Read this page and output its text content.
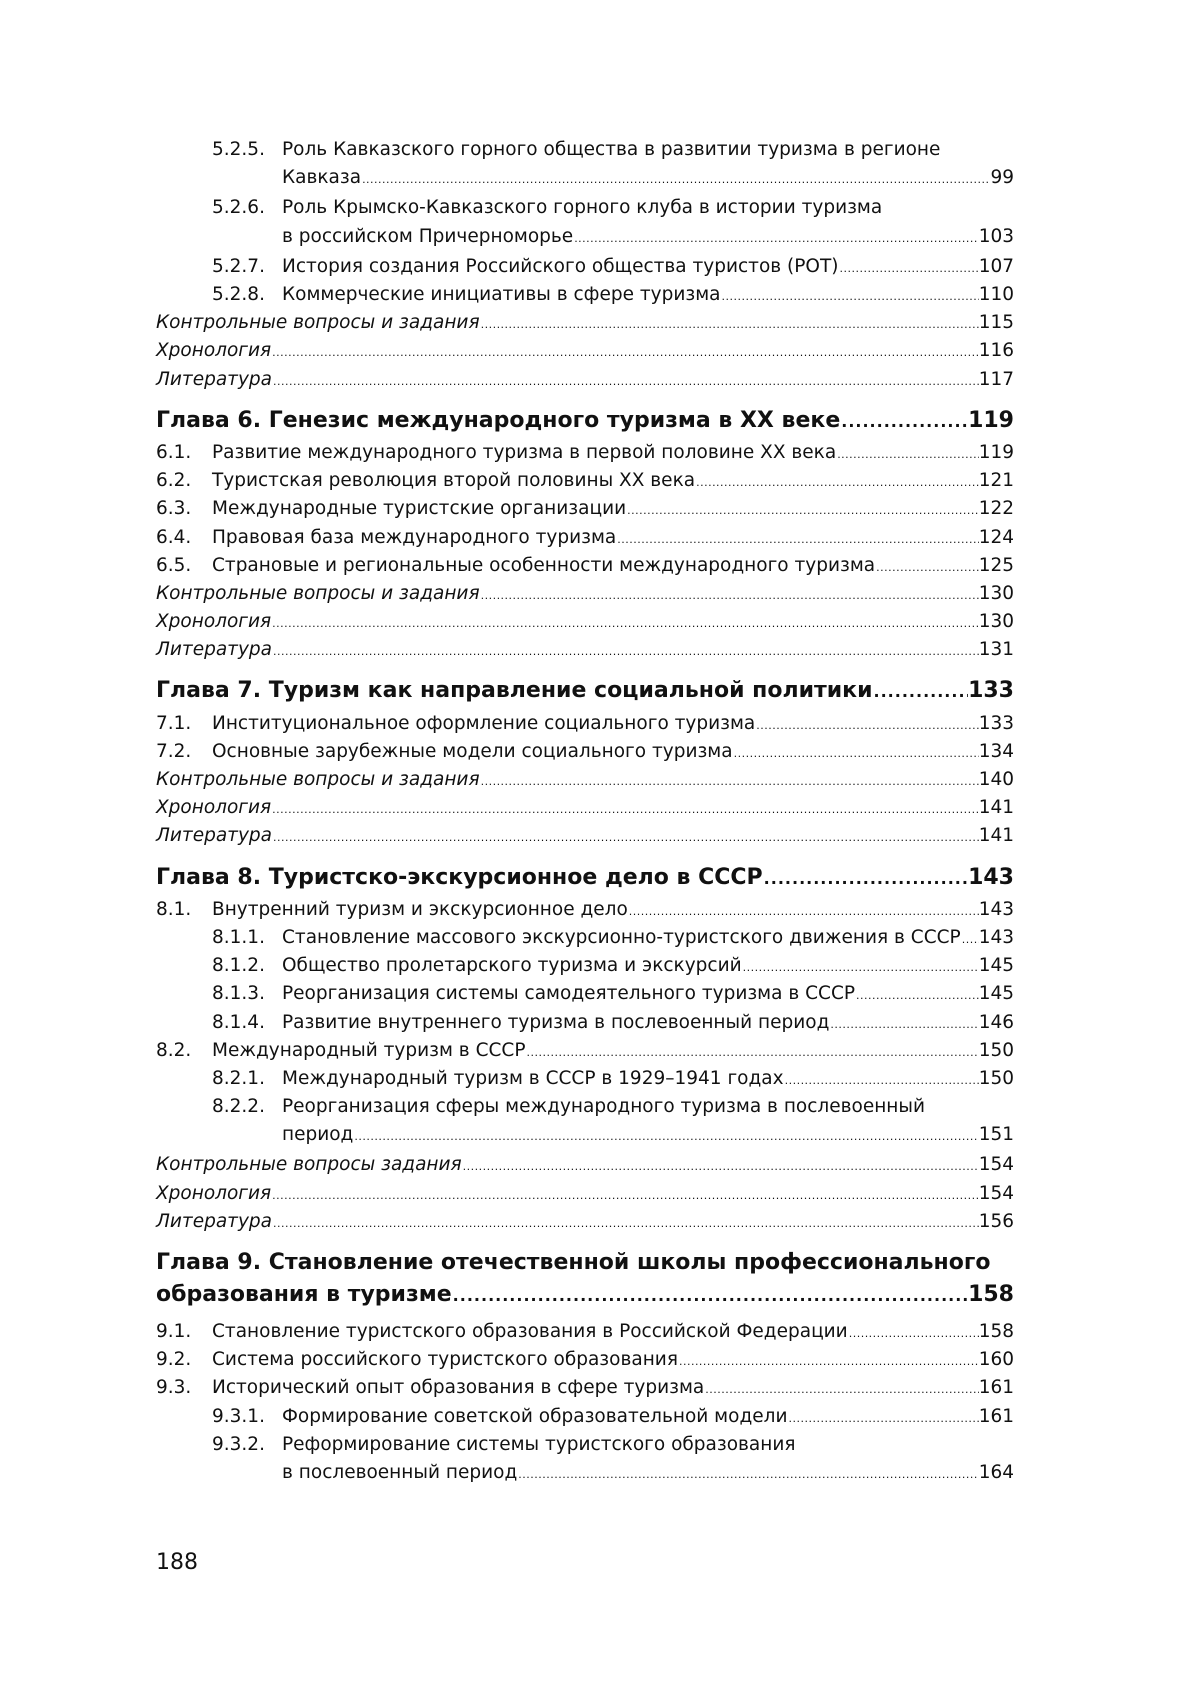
5.2.5. Роль Кавказского горного общества в развитии туризма в регионе
Кавказа .....	99
5.2.6. Роль Крымско-Кавказского горного клуба в истории туризма
в российском Причерноморье .....	103
5.2.7. История создания Российского общества туристов (РОТ) .....	107
5.2.8. Коммерческие инициативы в сфере туризма .....	110
Контрольные вопросы и задания .....	115
Хронология .....	116
Литература .....	117
Глава 6. Генезис международного туризма в XX веке .....	119
6.1.	Развитие международного туризма в первой половине XX века .....	119
6.2.	Туристская революция второй половины XX века .....	121
6.3.	Международные туристские организации .....	122
6.4.	Правовая база международного туризма .....	124
6.5.	Страновые и региональные особенности международного туризма .....	125
Контрольные вопросы и задания .....	130
Хронология .....	130
Литература .....	131
Глава 7. Туризм как направление социальной политики .....	133
7.1.	Институциональное оформление социального туризма .....	133
7.2.	Основные зарубежные модели социального туризма .....	134
Контрольные вопросы и задания .....	140
Хронология .....	141
Литература .....	141
Глава 8. Туристско-экскурсионное дело в СССР .....	143
8.1.	Внутренний туризм и экскурсионное дело .....	143
8.1.1. Становление массового экскурсионно-туристского движения в СССР ..... 143
8.1.2. Общество пролетарского туризма и экскурсий .....	145
8.1.3. Реорганизация системы самодеятельного туризма в СССР .....	145
8.1.4. Развитие внутреннего туризма в послевоенный период .....	146
8.2.	Международный туризм в СССР .....	150
8.2.1. Международный туризм в СССР в 1929–1941 годах .....	150
8.2.2. Реорганизация сферы международного туризма в послевоенный
период .....	151
Контрольные вопросы задания .....	154
Хронология .....	154
Литература .....	156
Глава 9. Становление отечественной школы профессионального
образования в туризме .....	158
9.1.	Становление туристского образования в Российской Федерации .....	158
9.2.	Система российского туристского образования .....	160
9.3.	Исторический опыт образования в сфере туризма .....	161
9.3.1. Формирование советской образовательной модели .....	161
9.3.2. Реформирование системы туристского образования
в послевоенный период .....	164
188
